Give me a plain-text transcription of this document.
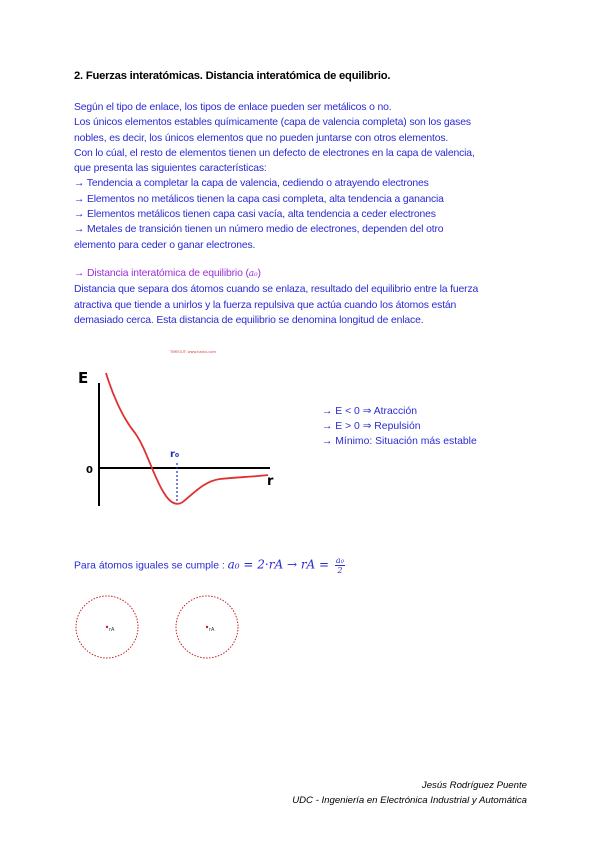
2. Fuerzas interatómicas. Distancia interatómica de equilibrio.
Según el tipo de enlace, los tipos de enlace pueden ser metálicos o no.
Los únicos elementos estables químicamente (capa de valencia completa) son los gases
nobles, es decir, los únicos elementos que no pueden juntarse con otros elementos.
Con lo cúal, el resto de elementos tienen un defecto de electrones en la capa de valencia,
que presenta las siguientes características:
→ Tendencia a completar la capa de valencia, cediendo o atrayendo electrones
→ Elementos no metálicos tienen la capa casi completa, alta tendencia a ganancia
→ Elementos metálicos tienen capa casi vacía, alta tendencia a ceder electrones
→ Metales de transición tienen un número medio de electrones, dependen del otro
elemento para ceder o ganar electrones.
→ Distancia interatómica de equilibrio (a₀)
Distancia que separa dos átomos cuando se enlaza, resultado del equilibrio entre la fuerza
atractiva que tiende a unirlos y la fuerza repulsiva que actúa cuando los átomos están
demasiado cerca. Esta distancia de equilibrio se denomina longitud de enlace.
TIMEOUT: www.hacks.com
E
0
r
r₀
→ E < 0 ⇒ Atracción
→ E > 0 ⇒ Repulsión
→ Mínimo: Situación más estable
Para átomos iguales se cumple : a₀ = 2·rA → rA = $\frac{\text{a₀}}{2}$
rA	rA
Jesús Rodríguez Puente
UDC - Ingeniería en Electrónica Industrial y Automática
